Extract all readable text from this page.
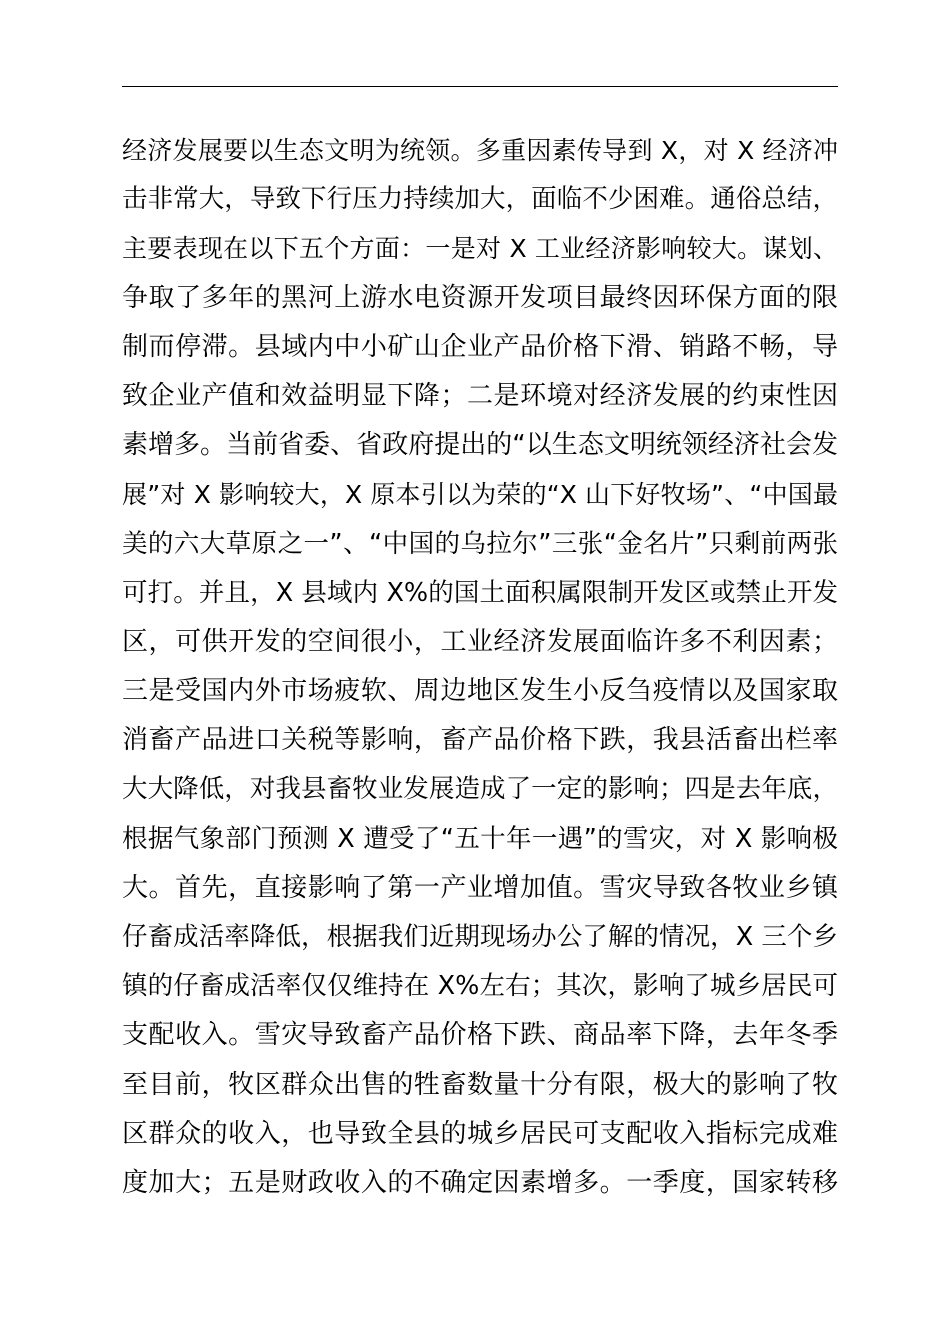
经济发展要以生态文明为统领。多重因素传导到 X，对 X 经济冲
击非常大，导致下行压力持续加大，面临不少困难。通俗总结，
主要表现在以下五个方面：一是对 X 工业经济影响较大。谋划、
争取了多年的黑河上游水电资源开发项目最终因环保方面的限
制而停滞。县域内中小矿山企业产品价格下滑、销路不畅，导
致企业产值和效益明显下降；二是环境对经济发展的约束性因
素增多。当前省委、省政府提出的“以生态文明统领经济社会发
展”对 X 影响较大，X 原本引以为荣的“X 山下好牧场”、“中国最
美的六大草原之一”、“中国的乌拉尔”三张“金名片”只剩前两张
可打。并且，X 县域内 X%的国土面积属限制开发区或禁止开发
区，可供开发的空间很小，工业经济发展面临许多不利因素；
三是受国内外市场疲软、周边地区发生小反刍疫情以及国家取
消畜产品进口关税等影响，畜产品价格下跌，我县活畜出栏率
大大降低，对我县畜牧业发展造成了一定的影响；四是去年底，
根据气象部门预测 X 遭受了“五十年一遇”的雪灾，对 X 影响极
大。首先，直接影响了第一产业增加值。雪灾导致各牧业乡镇
仔畜成活率降低，根据我们近期现场办公了解的情况，X 三个乡
镇的仔畜成活率仅仅维持在 X%左右；其次，影响了城乡居民可
支配收入。雪灾导致畜产品价格下跌、商品率下降，去年冬季
至目前，牧区群众出售的牲畜数量十分有限，极大的影响了牧
区群众的收入，也导致全县的城乡居民可支配收入指标完成难
度加大；五是财政收入的不确定因素增多。一季度，国家转移
